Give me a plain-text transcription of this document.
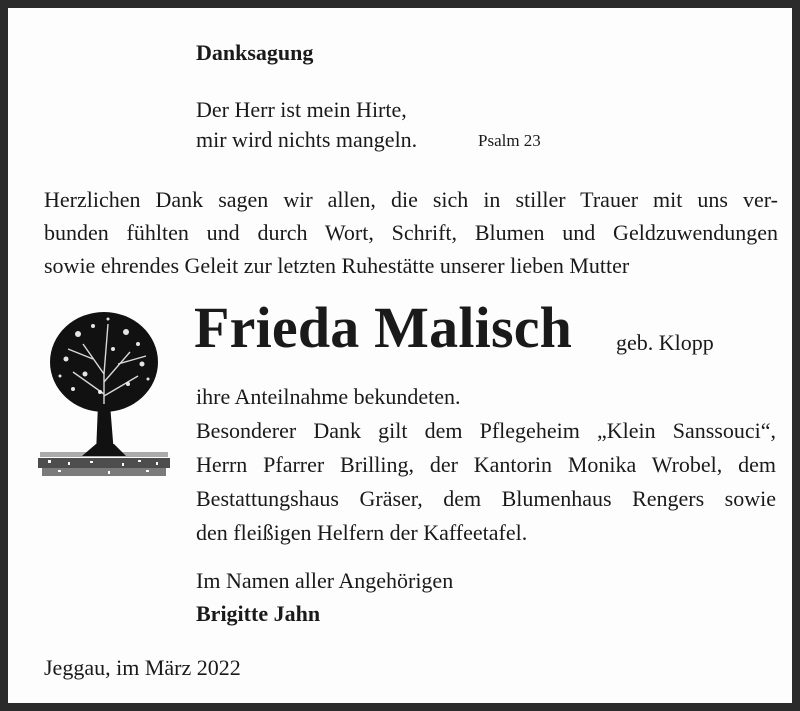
Danksagung
Der Herr ist mein Hirte,
mir wird nichts mangeln.	Psalm 23
Herzlichen Dank sagen wir allen, die sich in stiller Trauer mit uns ver-
bunden fühlten und durch Wort, Schrift, Blumen und Geldzuwendungen
sowie ehrendes Geleit zur letzten Ruhestätte unserer lieben Mutter
Frieda Malisch geb. Klopp
ihre Anteilnahme bekundeten.
Besonderer Dank gilt dem Pflegeheim „Klein Sanssouci“,
Herrn Pfarrer Brilling, der Kantorin Monika Wrobel, dem
Bestattungshaus Gräser, dem Blumenhaus Rengers sowie
den fleißigen Helfern der Kaffeetafel.
Im Namen aller Angehörigen
Brigitte Jahn
Jeggau, im März 2022
